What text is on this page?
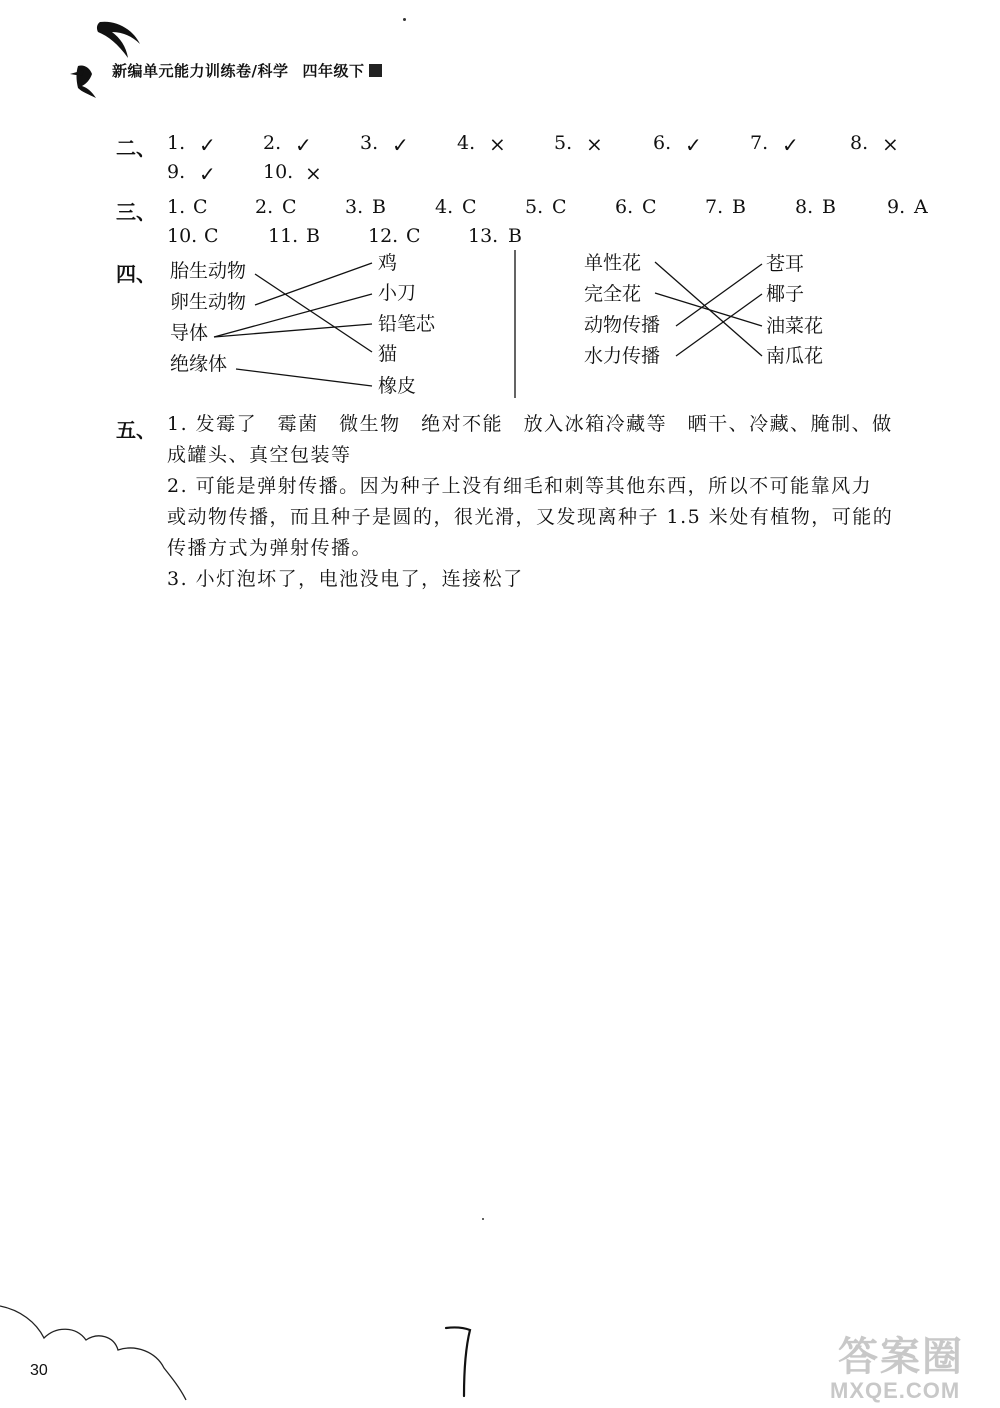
新编单元能力训练卷/科学 四年级下
二、 1. ✓ 2. ✓	3. ✓	4. ×	5. ×	6. ✓	7. ✓	8. ×
9. ✓ 10. ×
三、 1. C 2. C	3. B	4. C	5. C	6. C	7. B	8. B	9. A
10. C	11. B	12. C 13. B
四、 胎生动物
卵生动物
导体
绝缘体
鸡
小刀
铅笔芯
猫
橡皮
单性花
完全花
动物传播
水力传播
苍耳
椰子
油菜花
南瓜花
五、 1. 发霉了　霉菌　微生物　绝对不能　放入冰箱冷藏等　晒干、冷藏、腌制、做
成罐头、真空包装等
2. 可能是弹射传播。因为种子上没有细毛和刺等其他东西，所以不可能靠风力
或动物传播，而且种子是圆的，很光滑，又发现离种子 1.5 米处有植物，可能的
传播方式为弹射传播。
3. 小灯泡坏了，电池没电了，连接松了
30	答案圈
MXQE.COM
